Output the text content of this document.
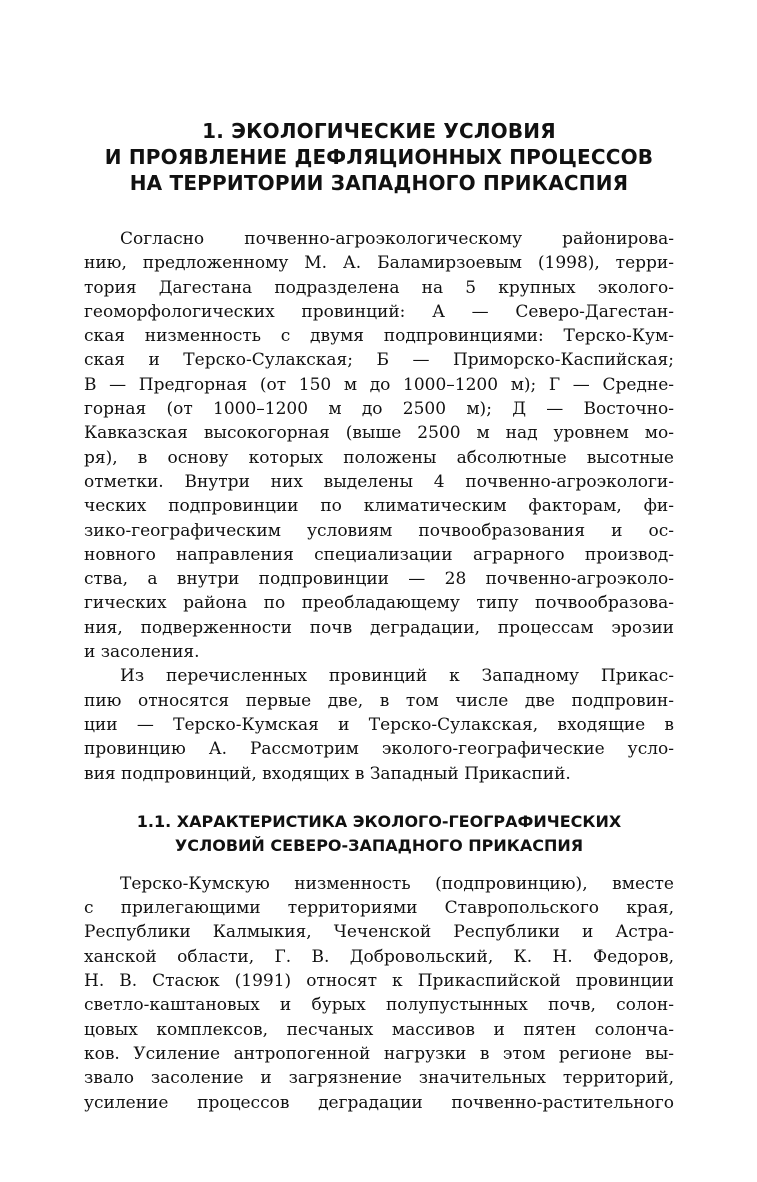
1. ЭКОЛОГИЧЕСКИЕ УСЛОВИЯ
И ПРОЯВЛЕНИЕ ДЕФЛЯЦИОННЫХ ПРОЦЕССОВ
НА ТЕРРИТОРИИ ЗАПАДНОГО ПРИКАСПИЯ

Согласно почвенно-агроэкологическому районирова-
нию, предложенному М. А. Баламирзоевым (1998), терри-
тория Дагестана подразделена на 5 крупных эколого-
геоморфологических провинций: А — Северо-Дагестан-
ская низменность с двумя подпровинциями: Терско-Кум-
ская и Терско-Сулакская; Б — Приморско-Каспийская;
В — Предгорная (от 150 м до 1000–1200 м); Г — Средне-
горная (от 1000–1200 м до 2500 м); Д — Восточно-
Кавказская высокогорная (выше 2500 м над уровнем мо-
ря), в основу которых положены абсолютные высотные
отметки. Внутри них выделены 4 почвенно-агроэкологи-
ческих подпровинции по климатическим факторам, фи-
зико-географическим условиям почвообразования и ос-
новного направления специализации аграрного производ-
ства, а внутри подпровинции — 28 почвенно-агроэколо-
гических района по преобладающему типу почвообразова-
ния, подверженности почв деградации, процессам эрозии
и засоления.

Из перечисленных провинций к Западному Прикас-
пию относятся первые две, в том числе две подпровин-
ции — Терско-Кумская и Терско-Сулакская, входящие в
провинцию А. Рассмотрим эколого-географические усло-
вия подпровинций, входящих в Западный Прикаспий.

1.1. ХАРАКТЕРИСТИКА ЭКОЛОГО-ГЕОГРАФИЧЕСКИХ
УСЛОВИЙ СЕВЕРО-ЗАПАДНОГО ПРИКАСПИЯ

Терско-Кумскую низменность (подпровинцию), вместе
с прилегающими территориями Ставропольского края,
Республики Калмыкия, Чеченской Республики и Астра-
ханской области, Г. В. Добровольский, К. Н. Федоров,
Н. В. Стасюк (1991) относят к Прикаспийской провинции
светло-каштановых и бурых полупустынных почв, солон-
цовых комплексов, песчаных массивов и пятен солонча-
ков. Усиление антропогенной нагрузки в этом регионе вы-
звало засоление и загрязнение значительных территорий,
усиление процессов деградации почвенно-растительного
